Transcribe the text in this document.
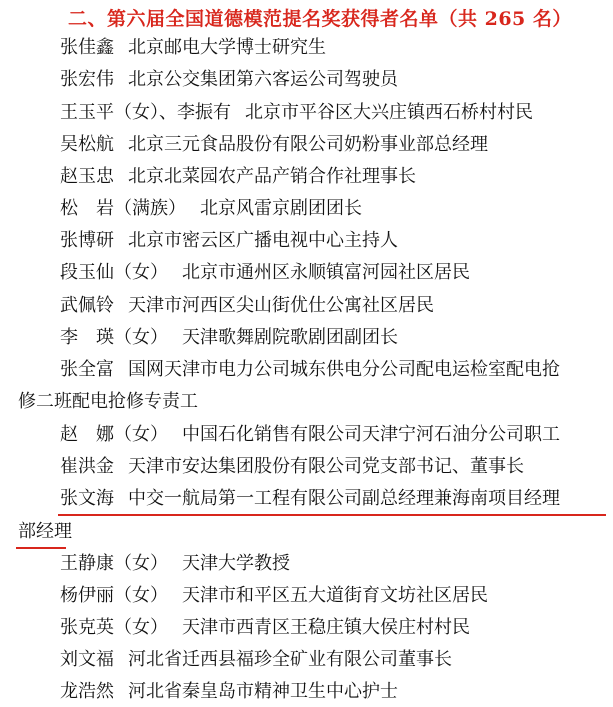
二、第六届全国道德模范提名奖获得者名单（共 265 名）
张佳鑫 北京邮电大学博士研究生
张宏伟 北京公交集团第六客运公司驾驶员
王玉平（女）、李振有 北京市平谷区大兴庄镇西石桥村村民
吴松航 北京三元食品股份有限公司奶粉事业部总经理
赵玉忠 北京北菜园农产品产销合作社理事长
松　岩（满族） 北京风雷京剧团团长
张博研 北京市密云区广播电视中心主持人
段玉仙（女） 北京市通州区永顺镇富河园社区居民
武佩铃 天津市河西区尖山街优仕公寓社区居民
李　瑛（女） 天津歌舞剧院歌剧团副团长
张全富 国网天津市电力公司城东供电分公司配电运检室配电抢
修二班配电抢修专责工
赵　娜（女） 中国石化销售有限公司天津宁河石油分公司职工
崔洪金 天津市安达集团股份有限公司党支部书记、董事长
张文海 中交一航局第一工程有限公司副总经理兼海南项目经理
部经理
王静康（女） 天津大学教授
杨伊丽（女） 天津市和平区五大道街育文坊社区居民
张克英（女） 天津市西青区王稳庄镇大侯庄村村民
刘文福 河北省迁西县福珍全矿业有限公司董事长
龙浩然 河北省秦皇岛市精神卫生中心护士
